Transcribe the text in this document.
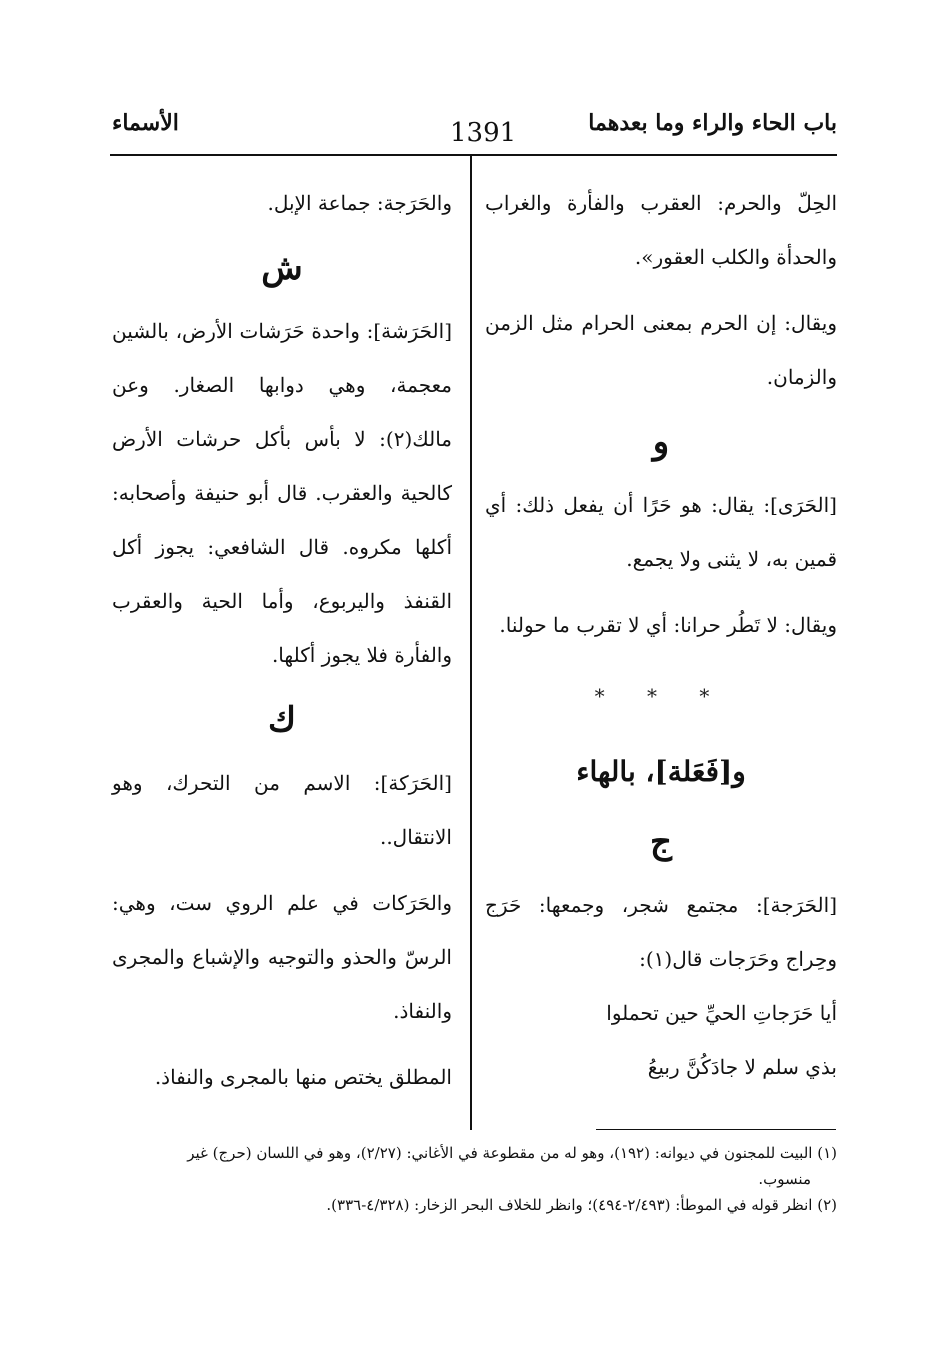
باب الحاء والراء وما بعدهما
1391
الأسماء

الحِلّ والحرم: العقرب والفأرة والغراب والحدأة والكلب العقور».

ويقال: إن الحرم بمعنى الحرام مثل الزمن والزمان.

و

[الحَرَى]: يقال: هو حَرًا أن يفعل ذلك: أي قمين به، لا يثنى ولا يجمع.

ويقال: لا تَطُر حرانا: أي لا تقرب ما حولنا.

* * *
و[فَعَلة]، بالهاء
ج

[الحَرَجة]: مجتمع شجر، وجمعها: حَرَج وحِراج وحَرَجات قال(١):

أيا حَرَجاتِ الحيِّ حين تحملوا

بذي سلم لا جادَكُنَّ ربيعُ

والحَرَجة: جماعة الإبل.

ش

[الحَرَشة]: واحدة حَرَشات الأرض، بالشين معجمة، وهي دوابها الصغار. وعن مالك(٢): لا بأس بأكل حرشات الأرض كالحية والعقرب. قال أبو حنيفة وأصحابه: أكلها مكروه. قال الشافعي: يجوز أكل القنفذ واليربوع، وأما الحية والعقرب والفأرة فلا يجوز أكلها.

ك

[الحَرَكة]: الاسم من التحرك، وهو الانتقال..

والحَرَكات في علم الروي ست، وهي: الرسّ والحذو والتوجيه والإشباع والمجرى والنفاذ.

المطلق يختص منها بالمجرى والنفاذ.

(١) البيت للمجنون في ديوانه: (١٩٢)، وهو له من مقطوعة في الأغاني: (٢/٢٧)، وهو في اللسان (حرج) غير

منسوب.

(٢) انظر قوله في الموطأ: (٢/٤٩٣-٤٩٤)؛ وانظر للخلاف البحر الزخار: (٤/٣٢٨-٣٣٦).
